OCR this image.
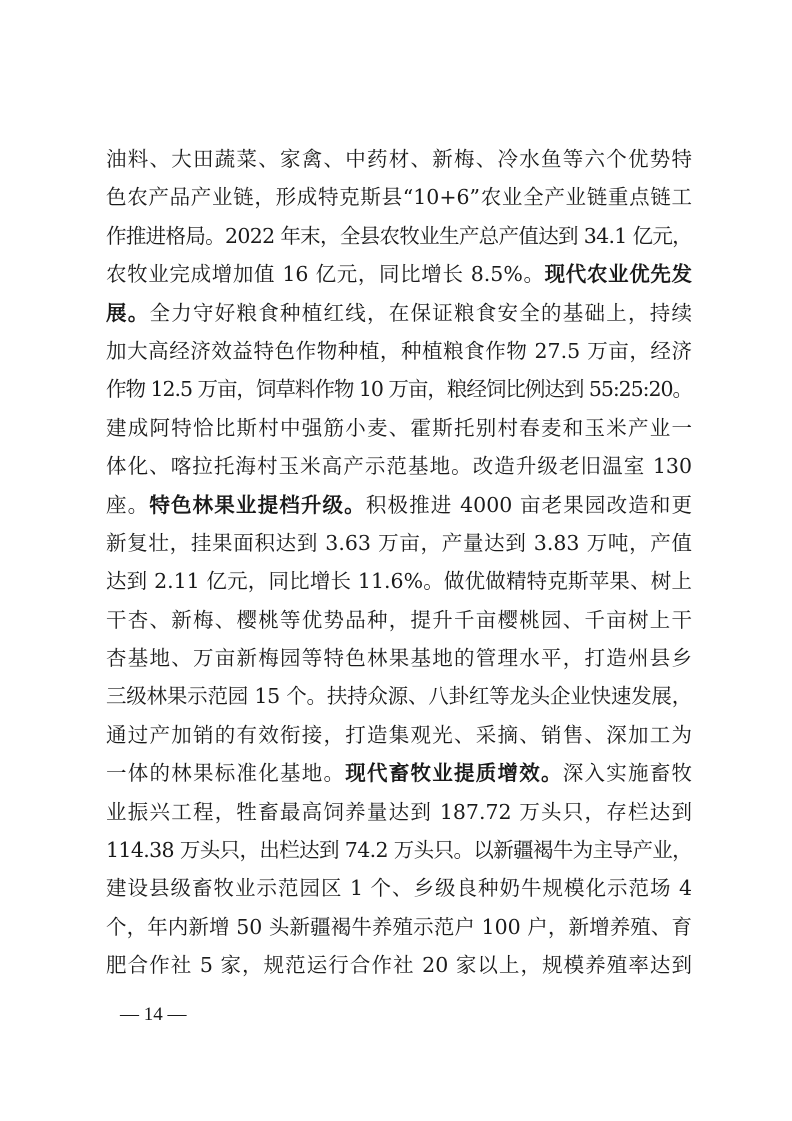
油料、大田蔬菜、家禽、中药材、新梅、冷水鱼等六个优势特
色农产品产业链，形成特克斯县“10+6”农业全产业链重点链工
作推进格局。2022 年末，全县农牧业生产总产值达到 34.1 亿元，
农牧业完成增加值 16 亿元，同比增长 8.5%。现代农业优先发
展。全力守好粮食种植红线，在保证粮食安全的基础上，持续
加大高经济效益特色作物种植，种植粮食作物 27.5 万亩，经济
作物 12.5 万亩，饲草料作物 10 万亩，粮经饲比例达到 55:25:20。
建成阿特恰比斯村中强筋小麦、霍斯托别村春麦和玉米产业一
体化、喀拉托海村玉米高产示范基地。改造升级老旧温室 130
座。特色林果业提档升级。积极推进 4000 亩老果园改造和更
新复壮，挂果面积达到 3.63 万亩，产量达到 3.83 万吨，产值
达到 2.11 亿元，同比增长 11.6%。做优做精特克斯苹果、树上
干杏、新梅、樱桃等优势品种，提升千亩樱桃园、千亩树上干
杏基地、万亩新梅园等特色林果基地的管理水平，打造州县乡
三级林果示范园 15 个。扶持众源、八卦红等龙头企业快速发展，
通过产加销的有效衔接，打造集观光、采摘、销售、深加工为
一体的林果标准化基地。现代畜牧业提质增效。深入实施畜牧
业振兴工程，牲畜最高饲养量达到 187.72 万头只，存栏达到
114.38 万头只，出栏达到 74.2 万头只。以新疆褐牛为主导产业，
建设县级畜牧业示范园区 1 个、乡级良种奶牛规模化示范场 4
个，年内新增 50 头新疆褐牛养殖示范户 100 户，新增养殖、育
肥合作社 5 家，规范运行合作社 20 家以上，规模养殖率达到
— 14 —
